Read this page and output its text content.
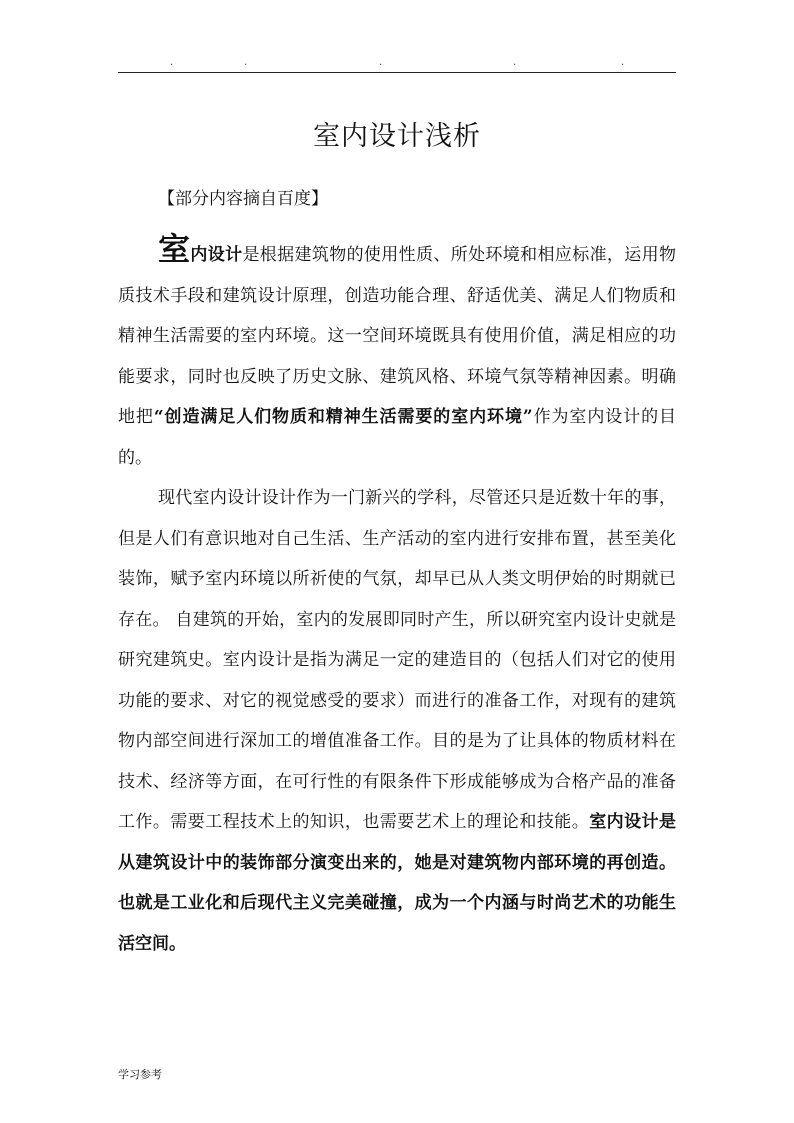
.	.	.	.	.
室内设计浅析
【部分内容摘自百度】

室内设计是根据建筑物的使用性质、所处环境和相应标准，运用物质技术手段和建筑设计原理，创造功能合理、舒适优美、满足人们物质和精神生活需要的室内环境。这一空间环境既具有使用价值，满足相应的功能要求，同时也反映了历史文脉、建筑风格、环境气氛等精神因素。明确地把“创造满足人们物质和精神生活需要的室内环境”作为室内设计的目的。

现代室内设计设计作为一门新兴的学科，尽管还只是近数十年的事，但是人们有意识地对自己生活、生产活动的室内进行安排布置，甚至美化装饰，赋予室内环境以所祈使的气氛，却早已从人类文明伊始的时期就已存在。 自建筑的开始，室内的发展即同时产生，所以研究室内设计史就是研究建筑史。室内设计是指为满足一定的建造目的（包括人们对它的使用功能的要求、对它的视觉感受的要求）而进行的准备工作，对现有的建筑物内部空间进行深加工的增值准备工作。目的是为了让具体的物质材料在技术、经济等方面，在可行性的有限条件下形成能够成为合格产品的准备工作。需要工程技术上的知识，也需要艺术上的理论和技能。室内设计是从建筑设计中的装饰部分演变出来的，她是对建筑物内部环境的再创造。也就是工业化和后现代主义完美碰撞，成为一个内涵与时尚艺术的功能生活空间。

学习参考
